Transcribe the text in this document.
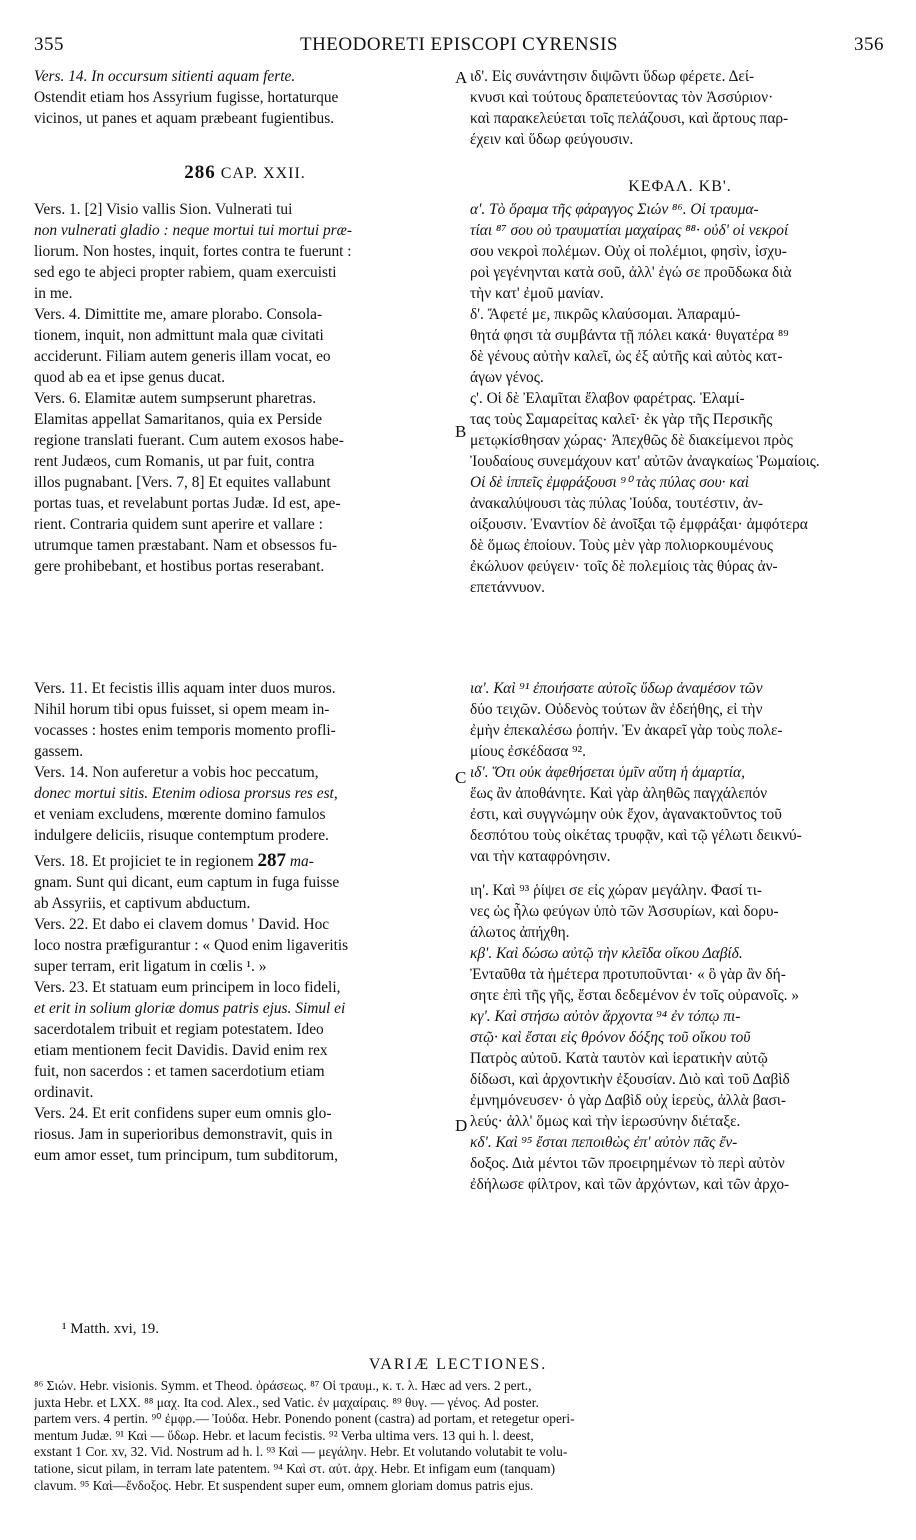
355	THEODORETI EPISCOPI CYRENSIS	356
A
B
C
D
Vers. 14. In occursum sitienti aquam ferte.
Ostendit etiam hos Assyrium fugisse, hortaturque
vicinos, ut panes et aquam præbeant fugientibus.
286 CAP. XXII.
Vers. 1. [2] Visio vallis Sion. Vulnerati tui
non vulnerati gladio : neque mortui tui mortui præ-
liorum. Non hostes, inquit, fortes contra te fuerunt :
sed ego te abjeci propter rabiem, quam exercuisti
in me.
Vers. 4. Dimittite me, amare plorabo. Consola-
tionem, inquit, non admittunt mala quæ civitati
acciderunt. Filiam autem generis illam vocat, eo
quod ab ea et ipse genus ducat.
Vers. 6. Elamitæ autem sumpserunt pharetras.
Elamitas appellat Samaritanos, quia ex Perside
regione translati fuerant. Cum autem exosos habe-
rent Judæos, cum Romanis, ut par fuit, contra
illos pugnabant. [Vers. 7, 8] Et equites vallabunt
portas tuas, et revelabunt portas Judæ. Id est, ape-
rient. Contraria quidem sunt aperire et vallare :
utrumque tamen præstabant. Nam et obsessos fu-
gere prohibebant, et hostibus portas reserabant.
Vers. 11. Et fecistis illis aquam inter duos muros.
Nihil horum tibi opus fuisset, si opem meam in-
vocasses : hostes enim temporis momento profli-
gassem.
Vers. 14. Non auferetur a vobis hoc peccatum,
donec mortui sitis. Etenim odiosa prorsus res est,
et veniam excludens, mœrente domino famulos
indulgere deliciis, risuque contemptum prodere.
Vers. 18. Et projiciet te in regionem 287 ma-
gnam. Sunt qui dicant, eum captum in fuga fuisse
ab Assyriis, et captivum abductum.
Vers. 22. Et dabo ei clavem domus ' David. Hoc
loco nostra præfigurantur : « Quod enim ligaveritis
super terram, erit ligatum in cœlis ¹. »
Vers. 23. Et statuam eum principem in loco fideli,
et erit in solium gloriæ domus patris ejus. Simul ei
sacerdotalem tribuit et regiam potestatem. Ideo
etiam mentionem fecit Davidis. David enim rex
fuit, non sacerdos : et tamen sacerdotium etiam
ordinavit.
Vers. 24. Et erit confidens super eum omnis glo-
riosus. Jam in superioribus demonstravit, quis in
eum amor esset, tum principum, tum subditorum,
ιδ'. Εἰς συνάντησιν διψῶντι ὕδωρ φέρετε. Δεί-
κνυσι καὶ τούτους δραπετεύοντας τὸν Ἀσσύριον·
καὶ παρακελεύεται τοῖς πελάζουσι, καὶ ἄρτους παρ-
έχειν καὶ ὕδωρ φεύγουσιν.
ΚΕΦΑΛ. ΚΒ'.
α'. Τὸ ὅραμα τῆς φάραγγος Σιών ⁸⁶. Οἱ τραυμα-
τίαι ⁸⁷ σου οὐ τραυματίαι μαχαίρας ⁸⁸· οὐδ' οἱ νεκροί
σου νεκροὶ πολέμων. Οὐχ οἱ πολέμιοι, φησὶν, ἰσχυ-
ροὶ γεγένηνται κατὰ σοῦ, ἀλλ' ἐγώ σε προῦδωκα διὰ
τὴν κατ' ἐμοῦ μανίαν.
δ'. Ἄφετέ με, πικρῶς κλαύσομαι. Ἀπαραμύ-
θητά φησι τὰ συμβάντα τῇ πόλει κακά· θυγατέρα ⁸⁹
δὲ γένους αὐτὴν καλεῖ, ὡς ἐξ αὐτῆς καὶ αὐτὸς κατ-
άγων γένος.
ς'. Οἱ δὲ Ἐλαμῖται ἔλαβον φαρέτρας. Ἐλαμί-
τας τοὺς Σαμαρείτας καλεῖ· ἐκ γὰρ τῆς Περσικῆς
μετῳκίσθησαν χώρας· Ἀπεχθῶς δὲ διακείμενοι πρὸς
Ἰουδαίους συνεμάχουν κατ' αὐτῶν ἀναγκαίως Ῥωμαίοις.
Οἱ δὲ ἱππεῖς ἐμφράξουσι ⁹⁰ τὰς πύλας σου· καὶ
ἀνακαλύψουσι τὰς πύλας Ἰούδα, τουτέστιν, ἀν-
οίξουσιν. Ἐναντίον δὲ ἀνοῖξαι τῷ ἐμφράξαι· ἀμφότερα
δὲ ὅμως ἐποίουν. Τοὺς μὲν γὰρ πολιορκουμένους
ἐκώλυον φεύγειν· τοῖς δὲ πολεμίοις τὰς θύρας ἀν-
επετάννυον.
ια'. Καὶ ⁹¹ ἐποιήσατε αὐτοῖς ὕδωρ ἀναμέσον τῶν
δύο τειχῶν. Οὐδενὸς τούτων ἂν ἐδεήθης, εἰ τὴν
ἐμὴν ἐπεκαλέσω ῥοπήν. Ἐν ἀκαρεῖ γὰρ τοὺς πολε-
μίους ἐσκέδασα ⁹².
ιδ'. Ὅτι οὐκ ἀφεθήσεται ὑμῖν αὕτη ἡ ἁμαρτία,
ἕως ἂν ἀποθάνητε. Καὶ γὰρ ἀληθῶς παγχάλεπόν
ἐστι, καὶ συγγνώμην οὐκ ἔχον, ἀγανακτοῦντος τοῦ
δεσπότου τοὺς οἰκέτας τρυφᾷν, καὶ τῷ γέλωτι δεικνύ-
ναι τὴν καταφρόνησιν.
ιη'. Καὶ ⁹³ ῥίψει σε εἰς χώραν μεγάλην. Φασί τι-
νες ὡς ἧλω φεύγων ὑπὸ τῶν Ἀσσυρίων, καὶ δορυ-
άλωτος ἀπήχθη.
κβ'. Καὶ δώσω αὐτῷ τὴν κλεῖδα οἴκου Δαβίδ.
Ἐνταῦθα τὰ ἡμέτερα προτυποῦνται· « ὃ γὰρ ἂν δή-
σητε ἐπὶ τῆς γῆς, ἔσται δεδεμένον ἐν τοῖς οὐρανοῖς. »
κγ'. Καὶ στήσω αὐτὸν ἄρχοντα ⁹⁴ ἐν τόπῳ πι-
στῷ· καὶ ἔσται εἰς θρόνον δόξης τοῦ οἴκου τοῦ
Πατρὸς αὐτοῦ. Κατὰ ταυτὸν καὶ ἱερατικὴν αὐτῷ
δίδωσι, καὶ ἀρχοντικὴν ἐξουσίαν. Διὸ καὶ τοῦ Δαβὶδ
ἐμνημόνευσεν· ὁ γὰρ Δαβὶδ οὐχ ἱερεὺς, ἀλλὰ βασι-
λεύς· ἀλλ' ὅμως καὶ τὴν ἱερωσύνην διέταξε.
κδ'. Καὶ ⁹⁵ ἔσται πεποιθὼς ἐπ' αὐτὸν πᾶς ἔν-
δοξος. Διὰ μέντοι τῶν προειρημένων τὸ περὶ αὐτὸν
ἐδήλωσε φίλτρον, καὶ τῶν ἀρχόντων, καὶ τῶν ἀρχο-
¹ Matth. xvi, 19.
VARIÆ LECTIONES.
⁸⁶ Σιών. Hebr. visionis. Symm. et Theod. ὁράσεως. ⁸⁷ Οἱ τραυμ., κ. τ. λ. Hæc ad vers. 2 pert.,
juxta Hebr. et LXX. ⁸⁸ μαχ. Ita cod. Alex., sed Vatic. ἐν μαχαίραις. ⁸⁹ θυγ. — γένος. Ad poster.
partem vers. 4 pertin. ⁹⁰ ἐμφρ.— Ἰούδα. Hebr. Ponendo ponent (castra) ad portam, et retegetur operi-
mentum Judæ. ⁹¹ Καὶ — ὕδωρ. Hebr. et lacum fecistis. ⁹² Verba ultima vers. 13 qui h. l. deest,
exstant 1 Cor. xv, 32. Vid. Nostrum ad h. l. ⁹³ Καὶ — μεγάλην. Hebr. Et volutando volutabit te volu-
tatione, sicut pilam, in terram late patentem. ⁹⁴ Καὶ στ. αὐτ. ἀρχ. Hebr. Et infigam eum (tanquam)
clavum. ⁹⁵ Καὶ—ἔνδοξος. Hebr. Et suspendent super eum, omnem gloriam domus patris ejus.
